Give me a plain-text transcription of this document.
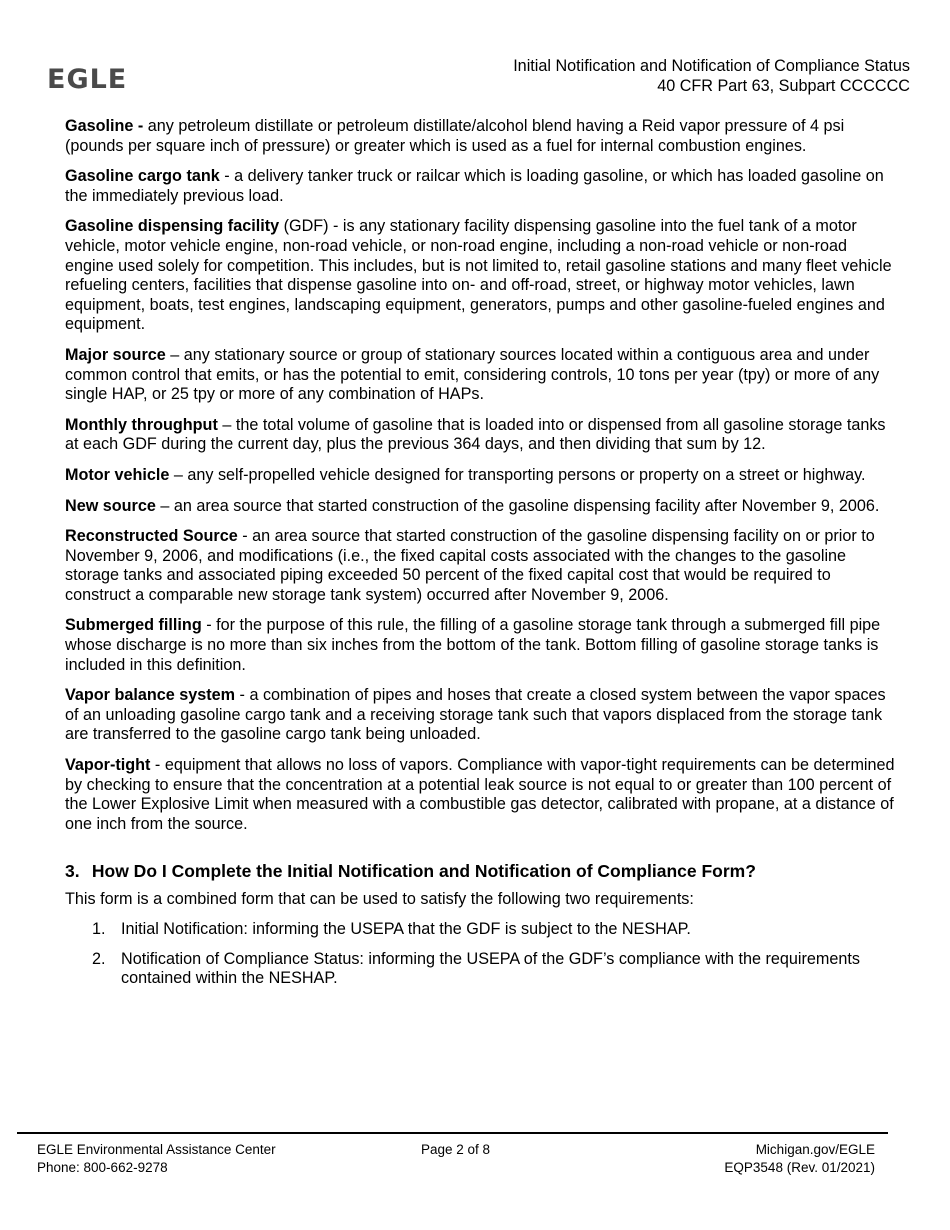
EGLE	Initial Notification and Notification of Compliance Status
40 CFR Part 63, Subpart CCCCCC

Gasoline - any petroleum distillate or petroleum distillate/alcohol blend having a Reid vapor pressure of 4 psi (pounds per square inch of pressure) or greater which is used as a fuel for internal combustion engines.

Gasoline cargo tank - a delivery tanker truck or railcar which is loading gasoline, or which has loaded gasoline on the immediately previous load.

Gasoline dispensing facility (GDF) - is any stationary facility dispensing gasoline into the fuel tank of a motor vehicle, motor vehicle engine, non-road vehicle, or non-road engine, including a non-road vehicle or non-road engine used solely for competition. This includes, but is not limited to, retail gasoline stations and many fleet vehicle refueling centers, facilities that dispense gasoline into on- and off-road, street, or highway motor vehicles, lawn equipment, boats, test engines, landscaping equipment, generators, pumps and other gasoline-fueled engines and equipment.

Major source – any stationary source or group of stationary sources located within a contiguous area and under common control that emits, or has the potential to emit, considering controls, 10 tons per year (tpy) or more of any single HAP, or 25 tpy or more of any combination of HAPs.

Monthly throughput – the total volume of gasoline that is loaded into or dispensed from all gasoline storage tanks at each GDF during the current day, plus the previous 364 days, and then dividing that sum by 12.

Motor vehicle – any self-propelled vehicle designed for transporting persons or property on a street or highway.

New source – an area source that started construction of the gasoline dispensing facility after November 9, 2006.

Reconstructed Source - an area source that started construction of the gasoline dispensing facility on or prior to November 9, 2006, and modifications (i.e., the fixed capital costs associated with the changes to the gasoline storage tanks and associated piping exceeded 50 percent of the fixed capital cost that would be required to construct a comparable new storage tank system) occurred after November 9, 2006.

Submerged filling - for the purpose of this rule, the filling of a gasoline storage tank through a submerged fill pipe whose discharge is no more than six inches from the bottom of the tank. Bottom filling of gasoline storage tanks is included in this definition.

Vapor balance system - a combination of pipes and hoses that create a closed system between the vapor spaces of an unloading gasoline cargo tank and a receiving storage tank such that vapors displaced from the storage tank are transferred to the gasoline cargo tank being unloaded.

Vapor-tight - equipment that allows no loss of vapors. Compliance with vapor-tight requirements can be determined by checking to ensure that the concentration at a potential leak source is not equal to or greater than 100 percent of the Lower Explosive Limit when measured with a combustible gas detector, calibrated with propane, at a distance of one inch from the source.

3. How Do I Complete the Initial Notification and Notification of Compliance Form?

This form is a combined form that can be used to satisfy the following two requirements:

1. Initial Notification: informing the USEPA that the GDF is subject to the NESHAP.
2. Notification of Compliance Status: informing the USEPA of the GDF’s compliance with the requirements contained within the NESHAP.
EGLE Environmental Assistance Center
Phone: 800-662-9278
Page 2 of 8	Michigan.gov/EGLE
EQP3548 (Rev. 01/2021)
